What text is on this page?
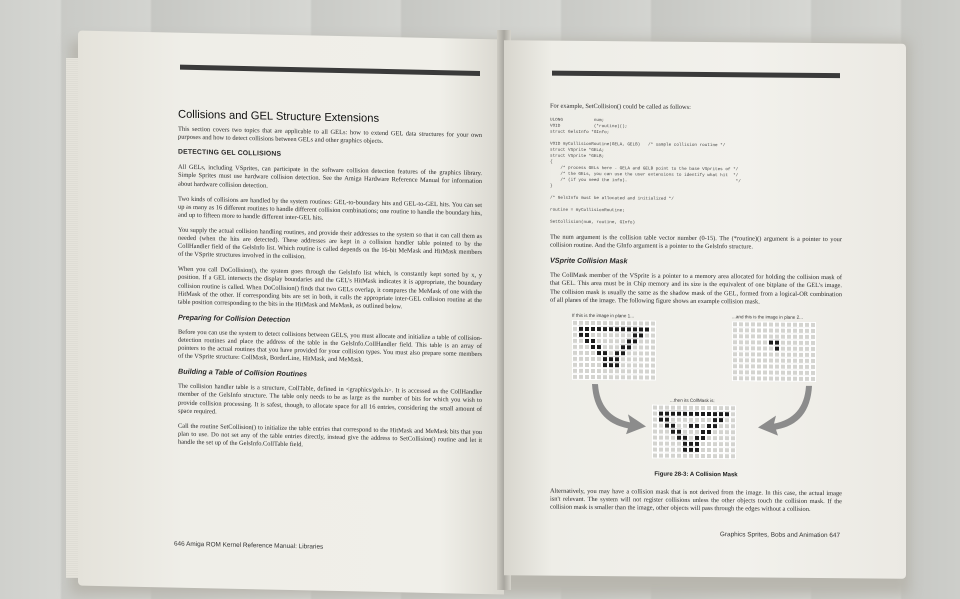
Collisions and GEL Structure Extensions

This section covers two topics that are applicable to all GELs: how to extend GEL data structures for your own purposes and how to detect collisions between GELs and other graphics objects.

DETECTING GEL COLLISIONS

All GELs, including VSprites, can participate in the software collision detection features of the graphics library. Simple Sprites must use hardware collision detection. See the Amiga Hardware Reference Manual for information about hardware collision detection.

Two kinds of collisions are handled by the system routines: GEL-to-boundary hits and GEL-to-GEL hits. You can set up as many as 16 different routines to handle different collision combinations; one routine to handle the boundary hits, and up to fifteen more to handle different inter-GEL hits.

You supply the actual collision handling routines, and provide their addresses to the system so that it can call them as needed (when the hits are detected). These addresses are kept in a collision handler table pointed to by the CollHandler field of the GelsInfo list. Which routine is called depends on the 16-bit MeMask and HitMask members of the VSprite structures involved in the collision.

When you call DoCollision(), the system goes through the GelsInfo list which, is constantly kept sorted by x, y position. If a GEL intersects the display boundaries and the GEL's HitMask indicates it is appropriate, the boundary collision routine is called. When DoCollision() finds that two GELs overlap, it compares the MeMask of one with the HitMask of the other. If corresponding bits are set in both, it calls the appropriate inter-GEL collision routine at the table position corresponding to the bits in the HitMask and MeMask, as outlined below.

Preparing for Collision Detection

Before you can use the system to detect collisions between GELS, you must allocate and initialize a table of collision-detection routines and place the address of the table in the GelsInfo.CollHandler field. This table is an array of pointers to the actual routines that you have provided for your collision types. You must also prepare some members of the VSprite structure: CollMask, BorderLine, HitMask, and MeMask.

Building a Table of Collision Routines

The collision handler table is a structure, CollTable, defined in <graphics/gels.h>. It is accessed as the CollHandler member of the GelsInfo structure. The table only needs to be as large as the number of bits for which you wish to provide collision processing. It is safest, though, to allocate space for all 16 entries, considering the small amount of space required.

Call the routine SetCollision() to initialize the table entries that correspond to the HitMask and MeMask bits that you plan to use. Do not set any of the table entries directly, instead give the address to SetCollision() routine and let it handle the set up of the GelsInfo.CollTable field.

646 Amiga ROM Kernel Reference Manual: Libraries

For example, SetCollision() could be called as follows:

ULONG            num;
VOID             (*routine)();
struct GelsInfo *GInfo;

VOID myCollisionRoutine(GELA, GELB)   /* sample collision routine */
struct VSprite *GELA;
struct VSprite *GELB;
{
/* process GELs here - GELA and GELB point to the base VSprites of */
/* the GELs, you can use the user extensions to identify what hit  */
/* (if you need the info).                                          */
}

/* GelsInfo must be allocated and initialized */

routine = myCollisionRoutine;

SetCollision(num, routine, GInfo)

The num argument is the collision table vector number (0-15). The (*routine)() argument is a pointer to your collision routine. And the GInfo argument is a pointer to the GelsInfo structure.

VSprite Collision Mask

The CollMask member of the VSprite is a pointer to a memory area allocated for holding the collision mask of that GEL. This area must be in Chip memory and its size is the equivalent of one bitplane of the GEL's image. The collision mask is usually the same as the shadow mask of the GEL, formed from a logical-OR combination of all planes of the image. The following figure shows an example collision mask.

If this is the image in plane 1...	...and this is the image in plane 2...
...then its CollMask is:
Figure 28-3: A Collision Mask

Alternatively, you may have a collision mask that is not derived from the image. In this case, the actual image isn't relevant. The system will not register collisions unless the other objects touch the collision mask. If the collision mask is smaller than the image, other objects will pass through the edges without a collision.

Graphics Sprites, Bobs and Animation 647
